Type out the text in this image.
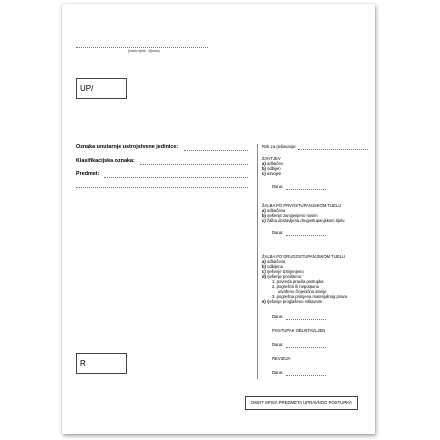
(Naziv tijela - Mjesto)
UP/
Oznaka unutarnje ustrojstvene jedinice:
Klasifikacijska oznaka:
Predmet:
Rok za rješavanje:
ZAHTJEV
a) odbačen
b) odbijen
c) usvojen
Dana:
ŽALBA PO PRVOSTUPANJSKOM TIJELU
a) odbačena
b) rješenje zamijenjeno novim
c) žalba dostavljena drugostupanjskom tijelu
Dana:
ŽALBA PO DRUGOSTUPANJSKOM TIJELU
a) odbačena
b) odbijena
c) rješenje izmijenjeno
d) rješenje poništeno:
1. povreda pravila postupka
2. pogrešno ili nepotpuno
utvrđeno činjenično stanje
3. pogrešna primjena materijalnog prava
e) rješenje proglašeno ništavnim
Dana:
POSTUPAK OBUSTAVLJEN
Dana:
REVIZIJA
Dana:
R
OMOT SPISA PREDMETA UPRAVNOG POSTUPKA
